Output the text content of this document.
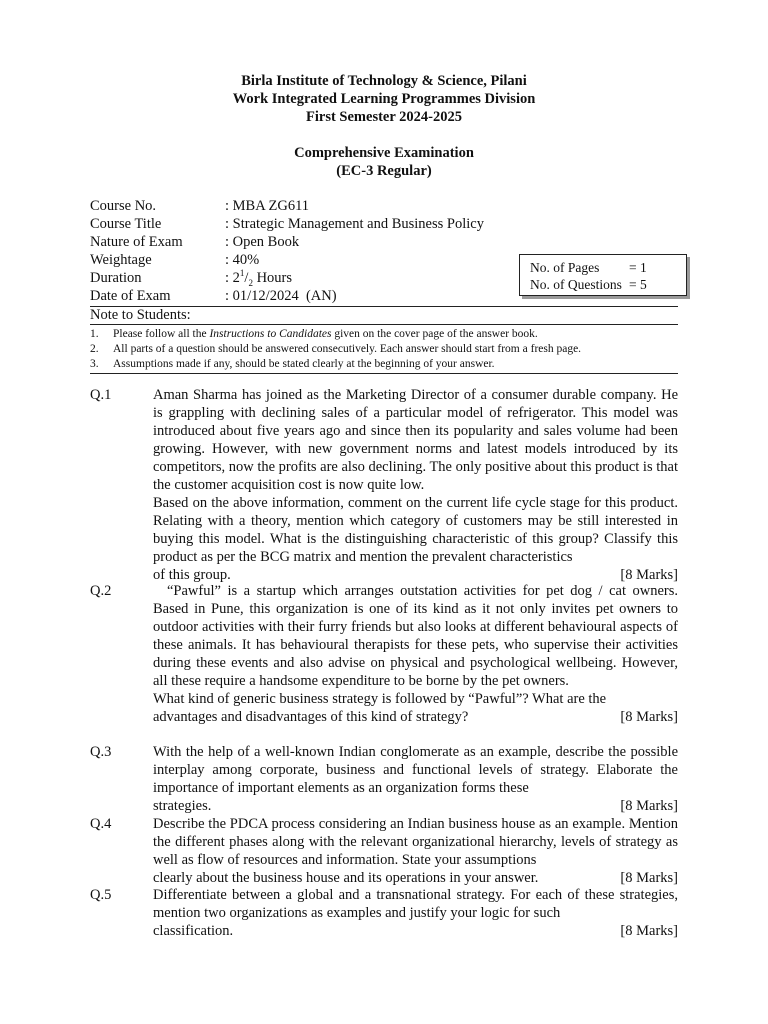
Birla Institute of Technology & Science, Pilani
Work Integrated Learning Programmes Division
First Semester 2024-2025
Comprehensive Examination
(EC-3 Regular)
Course No.	: MBA ZG611
Course Title	: Strategic Management and Business Policy
Nature of Exam	: Open Book
Weightage	: 40%
Duration	: $2^1/_2$ Hours
Date of Exam	: 01/12/2024  (AN)
No. of Pages	= 1
No. of Questions = 5
Note to Students:
1.	Please follow all the Instructions to Candidates given on the cover page of the answer book.
2.	All parts of a question should be answered consecutively. Each answer should start from a fresh page.
3.	Assumptions made if any, should be stated clearly at the beginning of your answer.
Q.1	Aman Sharma has joined as the Marketing Director of a consumer durable company. He is grappling with declining sales of a particular model of refrigerator. This model was introduced about five years ago and since then its popularity and sales volume had been growing. However, with new government norms and latest models introduced by its competitors, now the profits are also declining. The only positive about this product is that the customer acquisition cost is now quite low.

Based on the above information, comment on the current life cycle stage for this product. Relating with a theory, mention which category of customers may be still interested in buying this model. What is the distinguishing characteristic of this group? Classify this product as per the BCG matrix and mention the prevalent characteristics

of this group.	[8 Marks]
Q.2	“Pawful” is a startup which arranges outstation activities for pet dog / cat owners. Based in Pune, this organization is one of its kind as it not only invites pet owners to outdoor activities with their furry friends but also looks at different behavioural aspects of these animals. It has behavioural therapists for these pets, who supervise their activities during these events and also advise on physical and psychological wellbeing. However, all these require a handsome expenditure to be borne by the pet owners.

What kind of generic business strategy is followed by “Pawful”? What are the

advantages and disadvantages of this kind of strategy?	[8 Marks]
Q.3	With the help of a well-known Indian conglomerate as an example, describe the possible interplay among corporate, business and functional levels of strategy. Elaborate the importance of important elements as an organization forms these

strategies.	[8 Marks]
Q.4	Describe the PDCA process considering an Indian business house as an example. Mention the different phases along with the relevant organizational hierarchy, levels of strategy as well as flow of resources and information. State your assumptions

clearly about the business house and its operations in your answer.	[8 Marks]
Q.5	Differentiate between a global and a transnational strategy. For each of these strategies, mention two organizations as examples and justify your logic for such

classification.	[8 Marks]
